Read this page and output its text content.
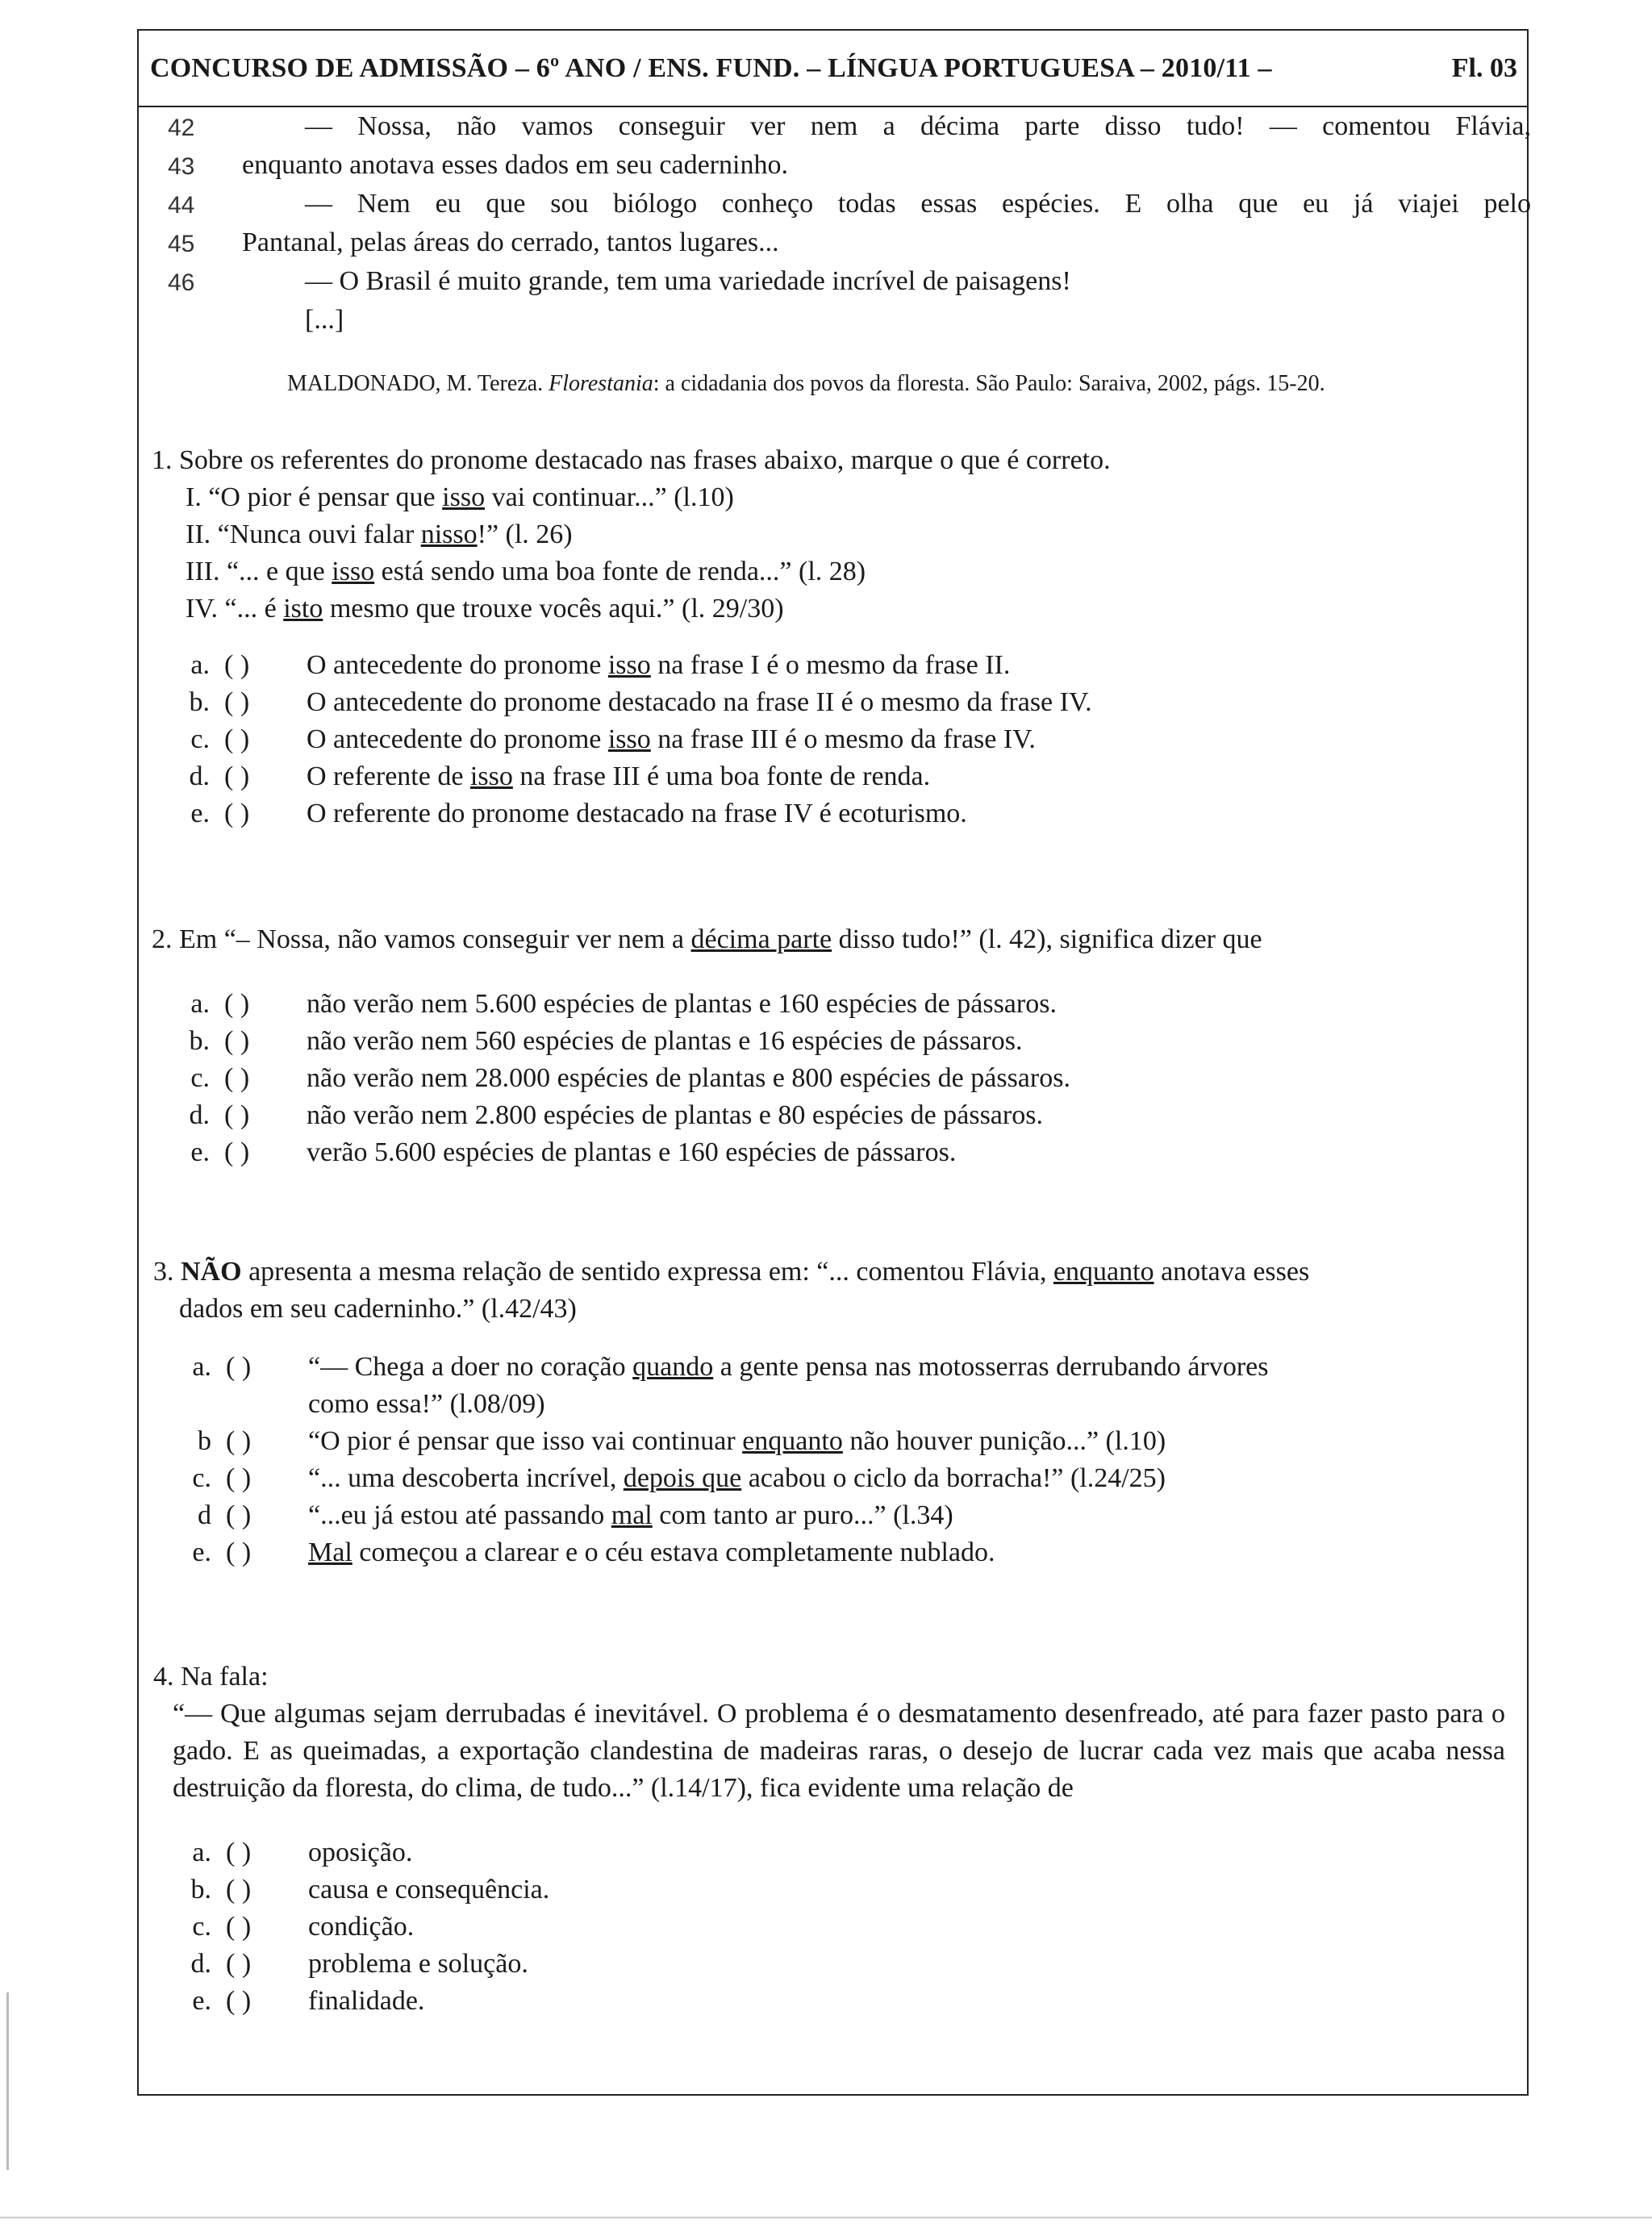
CONCURSO DE ADMISSÃO – 6º ANO / ENS. FUND. – LÍNGUA PORTUGUESA – 2010/11 –	Fl. 03
42	— Nossa, não vamos conseguir ver nem a décima parte disso tudo! — comentou Flávia,
43	enquanto anotava esses dados em seu caderninho.
44	— Nem eu que sou biólogo conheço todas essas espécies. E olha que eu já viajei pelo
45	Pantanal, pelas áreas do cerrado, tantos lugares...
46	— O Brasil é muito grande, tem uma variedade incrível de paisagens!
[...]
MALDONADO, M. Tereza. Florestania: a cidadania dos povos da floresta. São Paulo: Saraiva, 2002, págs. 15-20.
1. Sobre os referentes do pronome destacado nas frases abaixo, marque o que é correto.
I. “O pior é pensar que isso vai continuar...” (l.10)
II. “Nunca ouvi falar nisso!” (l. 26)
III. “... e que isso está sendo uma boa fonte de renda...” (l. 28)
IV. “... é isto mesmo que trouxe vocês aqui.” (l. 29/30)
a. ( )	O antecedente do pronome isso na frase I é o mesmo da frase II.
b. ( )	O antecedente do pronome destacado na frase II é o mesmo da frase IV.
c. ( )	O antecedente do pronome isso na frase III é o mesmo da frase IV.
d. ( )	O referente de isso na frase III é uma boa fonte de renda.
e. ( )	O referente do pronome destacado na frase IV é ecoturismo.
2. Em “– Nossa, não vamos conseguir ver nem a décima parte disso tudo!” (l. 42), significa dizer que
a. ( )	não verão nem 5.600 espécies de plantas e 160 espécies de pássaros.
b. ( )	não verão nem 560 espécies de plantas e 16 espécies de pássaros.
c. ( )	não verão nem 28.000 espécies de plantas e 800 espécies de pássaros.
d. ( )	não verão nem 2.800 espécies de plantas e 80 espécies de pássaros.
e. ( )	verão 5.600 espécies de plantas e 160 espécies de pássaros.
3. NÃO apresenta a mesma relação de sentido expressa em: “... comentou Flávia, enquanto anotava esses
dados em seu caderninho.” (l.42/43)
a. ( )	“— Chega a doer no coração quando a gente pensa nas motosserras derrubando árvores
como essa!” (l.08/09)
b ( )	“O pior é pensar que isso vai continuar enquanto não houver punição...” (l.10)
c. ( )	“... uma descoberta incrível, depois que acabou o ciclo da borracha!” (l.24/25)
d ( )	“...eu já estou até passando mal com tanto ar puro...” (l.34)
e. ( )	Mal começou a clarear e o céu estava completamente nublado.
4. Na fala:
“— Que algumas sejam derrubadas é inevitável. O problema é o desmatamento desenfreado, até para fazer pasto para o gado. E as queimadas, a exportação clandestina de madeiras raras, o desejo de lucrar cada vez mais que acaba nessa destruição da floresta, do clima, de tudo...” (l.14/17), fica evidente uma relação de
a. ( )	oposição.
b. ( )	causa e consequência.
c. ( )	condição.
d. ( )	problema e solução.
e. ( )	finalidade.
